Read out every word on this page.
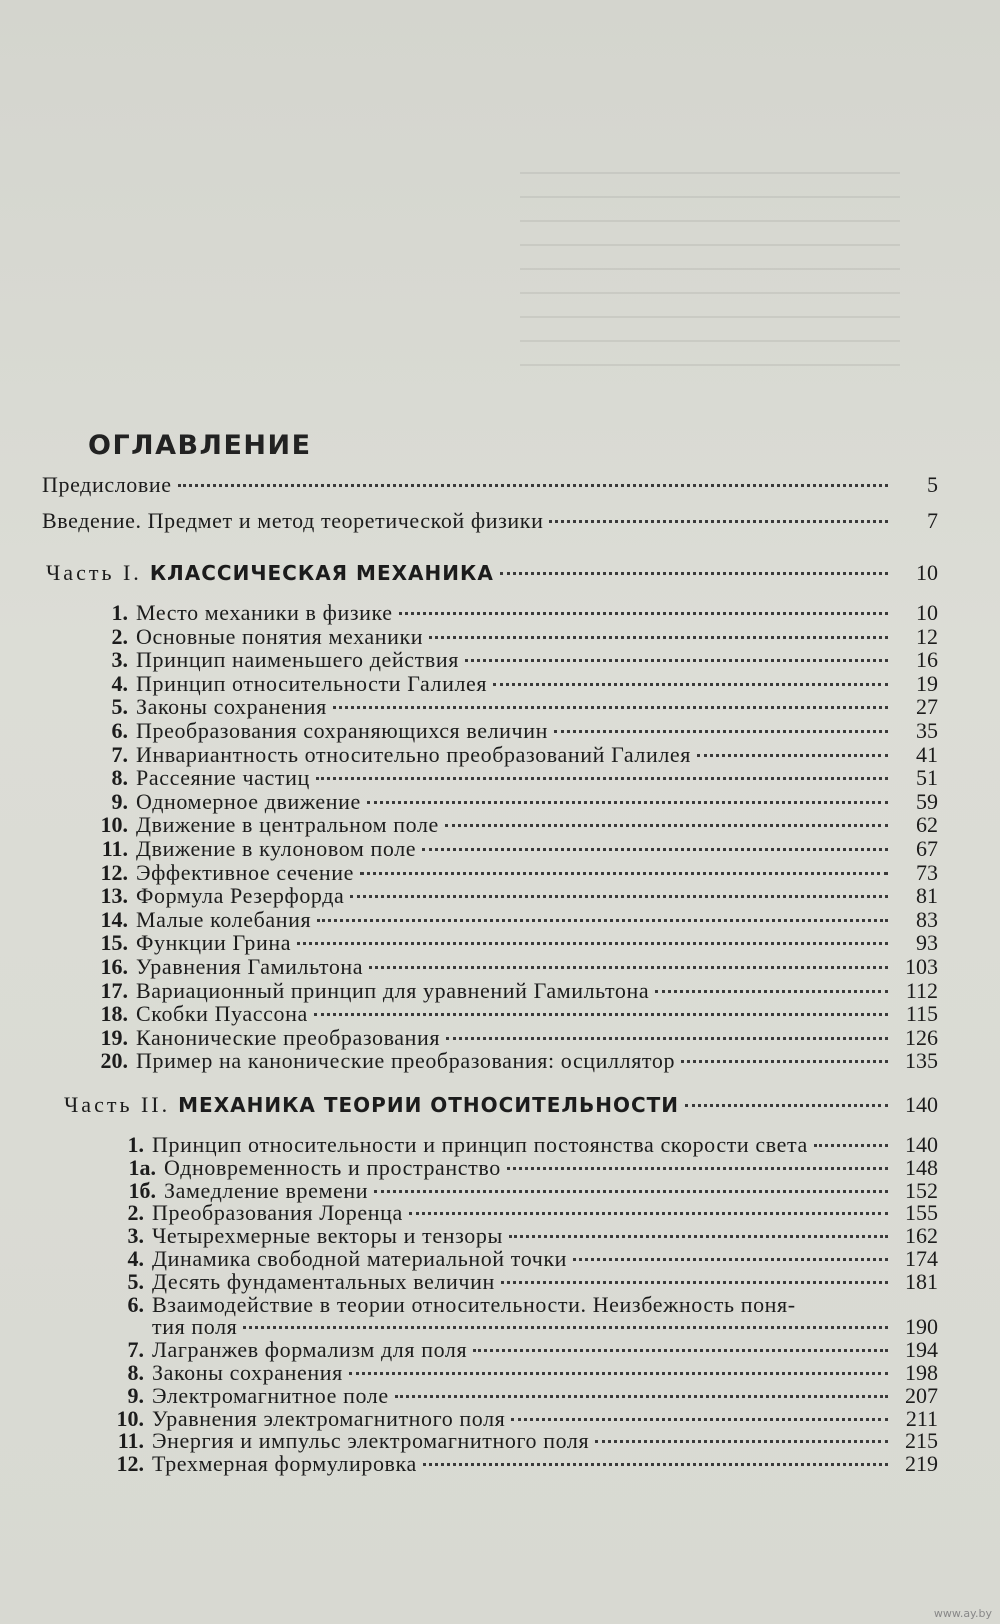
ОГЛАВЛЕНИЕ
Предисловие	5
Введение. Предмет и метод теоретической физики	7
Часть I. КЛАССИЧЕСКАЯ МЕХАНИКА	10
1. Место механики в физике	10
2. Основные понятия механики	12
3. Принцип наименьшего действия	16
4. Принцип относительности Галилея	19
5. Законы сохранения	27
6. Преобразования сохраняющихся величин	35
7. Инвариантность относительно преобразований Галилея	41
8. Рассеяние частиц	51
9. Одномерное движение	59
10. Движение в центральном поле	62
11. Движение в кулоновом поле	67
12. Эффективное сечение	73
13. Формула Резерфорда	81
14. Малые колебания	83
15. Функции Грина	93
16. Уравнения Гамильтона	103
17. Вариационный принцип для уравнений Гамильтона	112
18. Скобки Пуассона	115
19. Канонические преобразования	126
20. Пример на канонические преобразования: осциллятор	135
Часть II. МЕХАНИКА ТЕОРИИ ОТНОСИТЕЛЬНОСТИ	140
1. Принцип относительности и принцип постоянства скорости света	140
1а. Одновременность и пространство	148
1б. Замедление времени	152
2. Преобразования Лоренца	155
3. Четырехмерные векторы и тензоры	162
4. Динамика свободной материальной точки	174
5. Десять фундаментальных величин	181
6. Взаимодействие в теории относительности. Неизбежность поня-
тия поля	190
7. Лагранжев формализм для поля	194
8. Законы сохранения	198
9. Электромагнитное поле	207
10. Уравнения электромагнитного поля	211
11. Энергия и импульс электромагнитного поля	215
12. Трехмерная формулировка	219
www.ay.by
